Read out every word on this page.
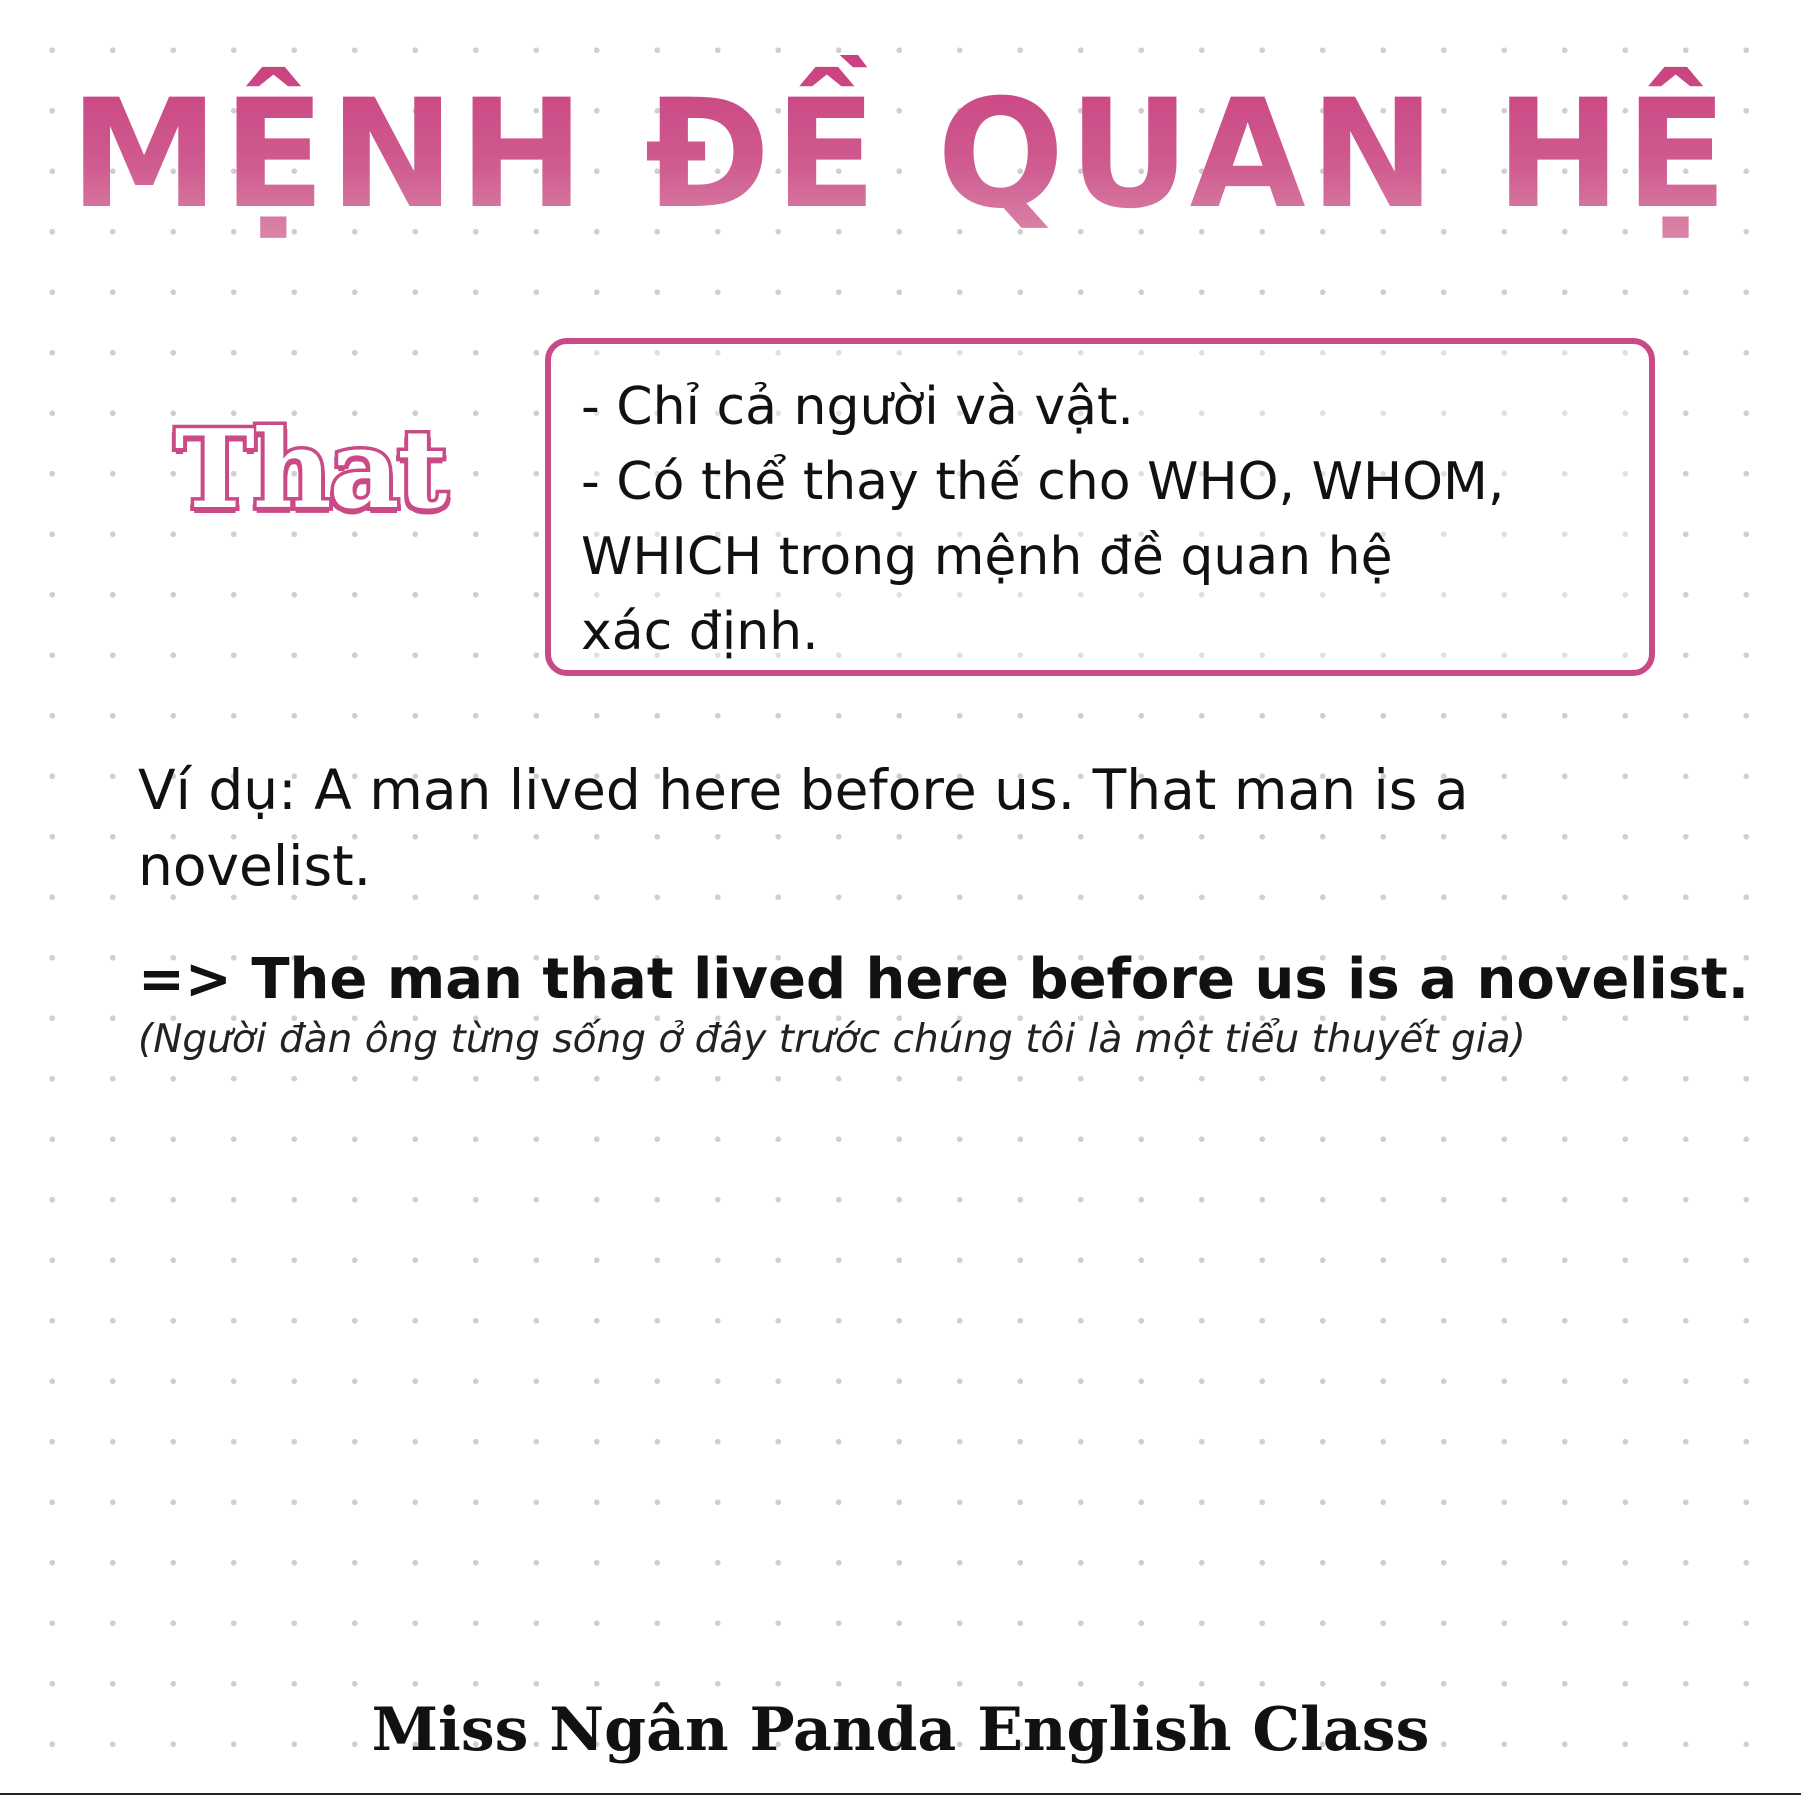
MỆNH ĐỀ QUAN HỆ
That	- Chỉ cả người và vật.
- Có thể thay thế cho WHO, WHOM,
WHICH trong mệnh đề quan hệ
xác định.
Ví dụ: A man lived here before us. That man is a novelist.
=> The man that lived here before us is a novelist.
(Người đàn ông từng sống ở đây trước chúng tôi là một tiểu thuyết gia)
Miss Ngân Panda English Class
